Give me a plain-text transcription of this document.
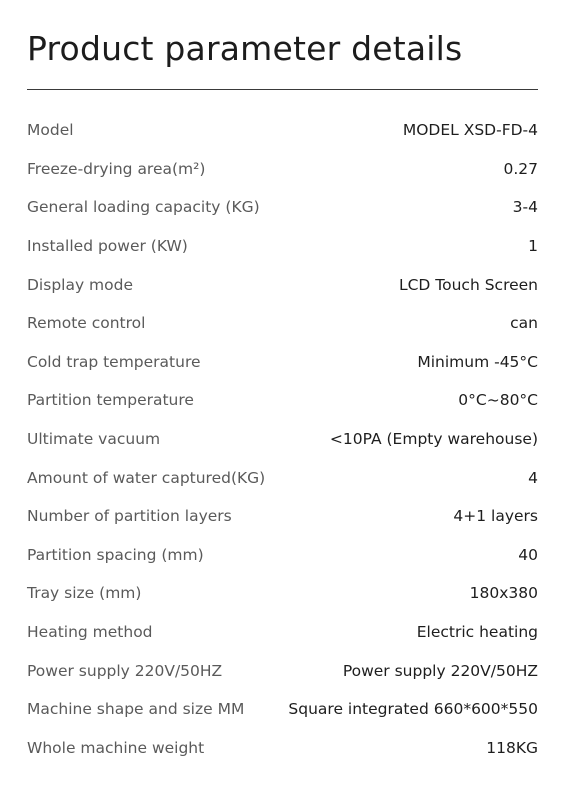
Product parameter details
Model	MODEL XSD-FD-4
Freeze-drying area(m²)	0.27
General loading capacity (KG)	3-4
Installed power (KW)	1
Display mode	LCD Touch Screen
Remote control	can
Cold trap temperature	Minimum -45°C
Partition temperature	0°C~80°C
Ultimate vacuum	<10PA (Empty warehouse)
Amount of water captured(KG)	4
Number of partition layers	4+1 layers
Partition spacing (mm)	40
Tray size (mm)	180x380
Heating method	Electric heating
Power supply 220V/50HZ	Power supply 220V/50HZ
Machine shape and size MM	Square integrated 660*600*550
Whole machine weight	118KG
